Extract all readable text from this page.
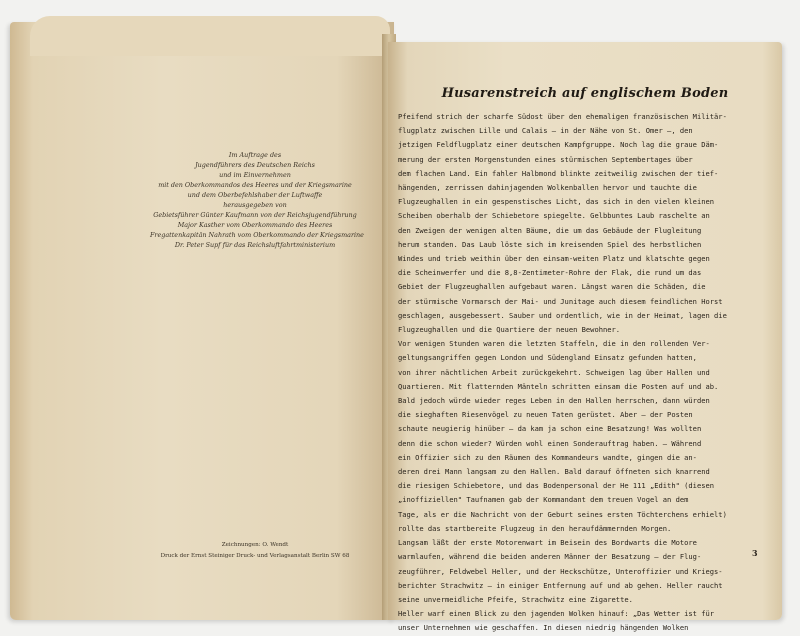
Im Auftrage des
Jugendführers des Deutschen Reichs
und im Einvernehmen
mit den Oberkommandos des Heeres und der Kriegsmarine
und dem Oberbefehlshaber der Luftwaffe
herausgegeben von
Gebietsführer Günter Kaufmann von der Reichsjugendführung
Major Kasther vom Oberkommando des Heeres
Fregattenkapitän Nahrath vom Oberkommando der Kriegsmarine
Dr. Peter Supf für das Reichsluftfahrtministerium
Zeichnungen: O. Wendt
Druck der Ernst Steiniger Druck- und Verlagsanstalt Berlin SW 68
Husarenstreich auf englischem Boden
Pfeifend strich der scharfe Südost über den ehemaligen französischen Militär-
flugplatz zwischen Lille und Calais — in der Nähe von St. Omer —, den
jetzigen Feldflugplatz einer deutschen Kampfgruppe. Noch lag die graue Däm-
merung der ersten Morgenstunden eines stürmischen Septembertages über
dem flachen Land. Ein fahler Halbmond blinkte zeitweilig zwischen der tief-
hängenden, zerrissen dahinjagenden Wolkenballen hervor und tauchte die
Flugzeughallen in ein gespenstisches Licht, das sich in den vielen kleinen
Scheiben oberhalb der Schiebetore spiegelte. Gelbbuntes Laub raschelte an
den Zweigen der wenigen alten Bäume, die um das Gebäude der Flugleitung
herum standen. Das Laub löste sich im kreisenden Spiel des herbstlichen
Windes und trieb weithin über den einsam-weiten Platz und klatschte gegen
die Scheinwerfer und die 8,8-Zentimeter-Rohre der Flak, die rund um das
Gebiet der Flugzeughallen aufgebaut waren. Längst waren die Schäden, die
der stürmische Vormarsch der Mai- und Junitage auch diesem feindlichen Horst
geschlagen, ausgebessert. Sauber und ordentlich, wie in der Heimat, lagen die
Flugzeughallen und die Quartiere der neuen Bewohner.
Vor wenigen Stunden waren die letzten Staffeln, die in den rollenden Ver-
geltungsangriffen gegen London und Südengland Einsatz gefunden hatten,
von ihrer nächtlichen Arbeit zurückgekehrt. Schweigen lag über Hallen und
Quartieren. Mit flatternden Mänteln schritten einsam die Posten auf und ab.
Bald jedoch würde wieder reges Leben in den Hallen herrschen, dann würden
die sieghaften Riesenvögel zu neuen Taten gerüstet. Aber — der Posten
schaute neugierig hinüber — da kam ja schon eine Besatzung! Was wollten
denn die schon wieder? Würden wohl einen Sonderauftrag haben. — Während
ein Offizier sich zu den Räumen des Kommandeurs wandte, gingen die an-
deren drei Mann langsam zu den Hallen. Bald darauf öffneten sich knarrend
die riesigen Schiebetore, und das Bodenpersonal der He 111 „Edith" (diesen
„inoffiziellen" Taufnamen gab der Kommandant dem treuen Vogel an dem
Tage, als er die Nachricht von der Geburt seines ersten Töchterchens erhielt)
rollte das startbereite Flugzeug in den heraufdämmernden Morgen.
Langsam läßt der erste Motorenwart im Beisein des Bordwarts die Motore
warmlaufen, während die beiden anderen Männer der Besatzung — der Flug-
zeugführer, Feldwebel Heller, und der Heckschütze, Unteroffizier und Kriegs-
berichter Strachwitz — in einiger Entfernung auf und ab gehen. Heller raucht
seine unvermeidliche Pfeife, Strachwitz eine Zigarette.
Heller warf einen Blick zu den jagenden Wolken hinauf: „Das Wetter ist für
unser Unternehmen wie geschaffen. In diesen niedrig hängenden Wolken
3
